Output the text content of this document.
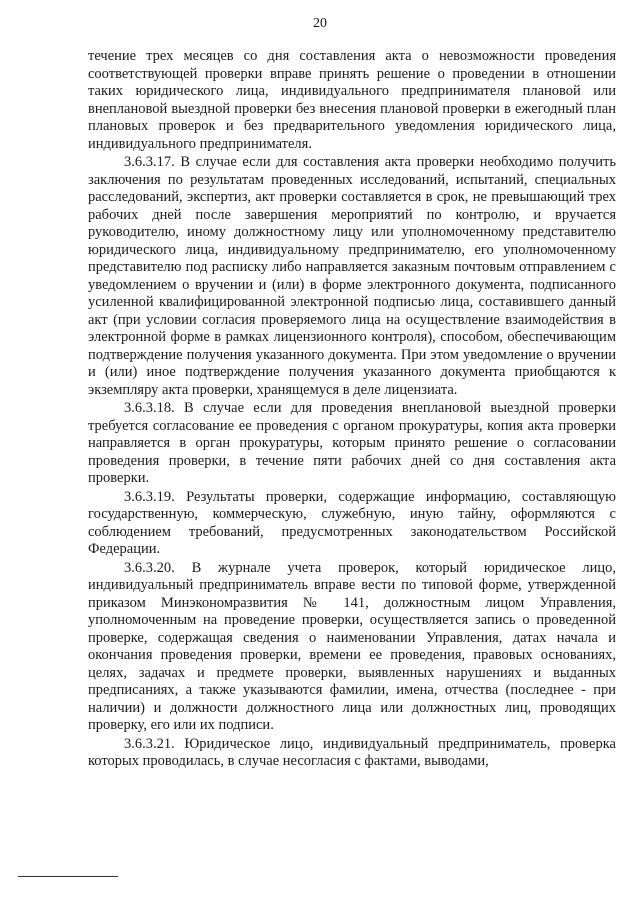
20

течение трех месяцев со дня составления акта о невозможности проведения соответствующей проверки вправе принять решение о проведении в отношении таких юридического лица, индивидуального предпринимателя плановой или внеплановой выездной проверки без внесения плановой проверки в ежегодный план плановых проверок и без предварительного уведомления юридического лица, индивидуального предпринимателя.

3.6.3.17. В случае если для составления акта проверки необходимо получить заключения по результатам проведенных исследований, испытаний, специальных расследований, экспертиз, акт проверки составляется в срок, не превышающий трех рабочих дней после завершения мероприятий по контролю, и вручается руководителю, иному должностному лицу или уполномоченному представителю юридического лица, индивидуальному предпринимателю, его уполномоченному представителю под расписку либо направляется заказным почтовым отправлением с уведомлением о вручении и (или) в форме электронного документа, подписанного усиленной квалифицированной электронной подписью лица, составившего данный акт (при условии согласия проверяемого лица на осуществление взаимодействия в электронной форме в рамках лицензионного контроля), способом, обеспечивающим подтверждение получения указанного документа. При этом уведомление о вручении и (или) иное подтверждение получения указанного документа приобщаются к экземпляру акта проверки, хранящемуся в деле лицензиата.

3.6.3.18. В случае если для проведения внеплановой выездной проверки требуется согласование ее проведения с органом прокуратуры, копия акта проверки направляется в орган прокуратуры, которым принято решение о согласовании проведения проверки, в течение пяти рабочих дней со дня составления акта проверки.

3.6.3.19. Результаты проверки, содержащие информацию, составляющую государственную, коммерческую, служебную, иную тайну, оформляются с соблюдением требований, предусмотренных законодательством Российской Федерации.

3.6.3.20. В журнале учета проверок, который юридическое лицо, индивидуальный предприниматель вправе вести по типовой форме, утвержденной приказом Минэкономразвития № 141, должностным лицом Управления, уполномоченным на проведение проверки, осуществляется запись о проведенной проверке, содержащая сведения о наименовании Управления, датах начала и окончания проведения проверки, времени ее проведения, правовых основаниях, целях, задачах и предмете проверки, выявленных нарушениях и выданных предписаниях, а также указываются фамилии, имена, отчества (последнее - при наличии) и должности должностного лица или должностных лиц, проводящих проверку, его или их подписи.

3.6.3.21. Юридическое лицо, индивидуальный предприниматель, проверка которых проводилась, в случае несогласия с фактами, выводами,
